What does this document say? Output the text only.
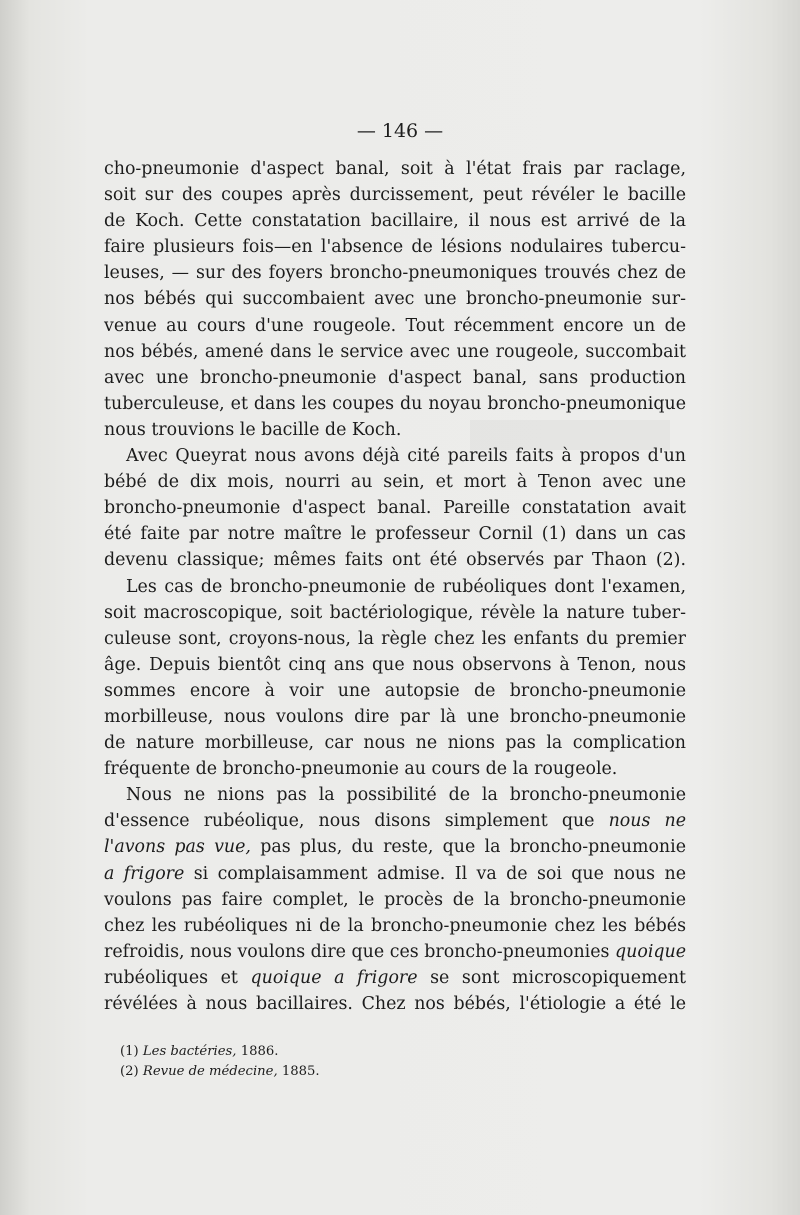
— 146 —
cho-pneumonie d'aspect banal, soit à l'état frais par raclage,
soit sur des coupes après durcissement, peut révéler le bacille
de Koch. Cette constatation bacillaire, il nous est arrivé de la
faire plusieurs fois—en l'absence de lésions nodulaires tubercu-
leuses, — sur des foyers broncho-pneumoniques trouvés chez de
nos bébés qui succombaient avec une broncho-pneumonie sur-
venue au cours d'une rougeole. Tout récemment encore un de
nos bébés, amené dans le service avec une rougeole, succombait
avec une broncho-pneumonie d'aspect banal, sans production
tuberculeuse, et dans les coupes du noyau broncho-pneumonique
nous trouvions le bacille de Koch.
Avec Queyrat nous avons déjà cité pareils faits à propos d'un
bébé de dix mois, nourri au sein, et mort à Tenon avec une
broncho-pneumonie d'aspect banal. Pareille constatation avait
été faite par notre maître le professeur Cornil (1) dans un cas
devenu classique; mêmes faits ont été observés par Thaon (2).
Les cas de broncho-pneumonie de rubéoliques dont l'examen,
soit macroscopique, soit bactériologique, révèle la nature tuber-
culeuse sont, croyons-nous, la règle chez les enfants du premier
âge. Depuis bientôt cinq ans que nous observons à Tenon, nous
sommes encore à voir une autopsie de broncho-pneumonie
morbilleuse, nous voulons dire par là une broncho-pneumonie
de nature morbilleuse, car nous ne nions pas la complication
fréquente de broncho-pneumonie au cours de la rougeole.
Nous ne nions pas la possibilité de la broncho-pneumonie
d'essence rubéolique, nous disons simplement que nous ne
l'avons pas vue, pas plus, du reste, que la broncho-pneumonie
a frigore si complaisamment admise. Il va de soi que nous ne
voulons pas faire complet, le procès de la broncho-pneumonie
chez les rubéoliques ni de la broncho-pneumonie chez les bébés
refroidis, nous voulons dire que ces broncho-pneumonies quoique
rubéoliques et quoique a frigore se sont microscopiquement
révélées à nous bacillaires. Chez nos bébés, l'étiologie a été le
(1) Les bactéries, 1886.
(2) Revue de médecine, 1885.
